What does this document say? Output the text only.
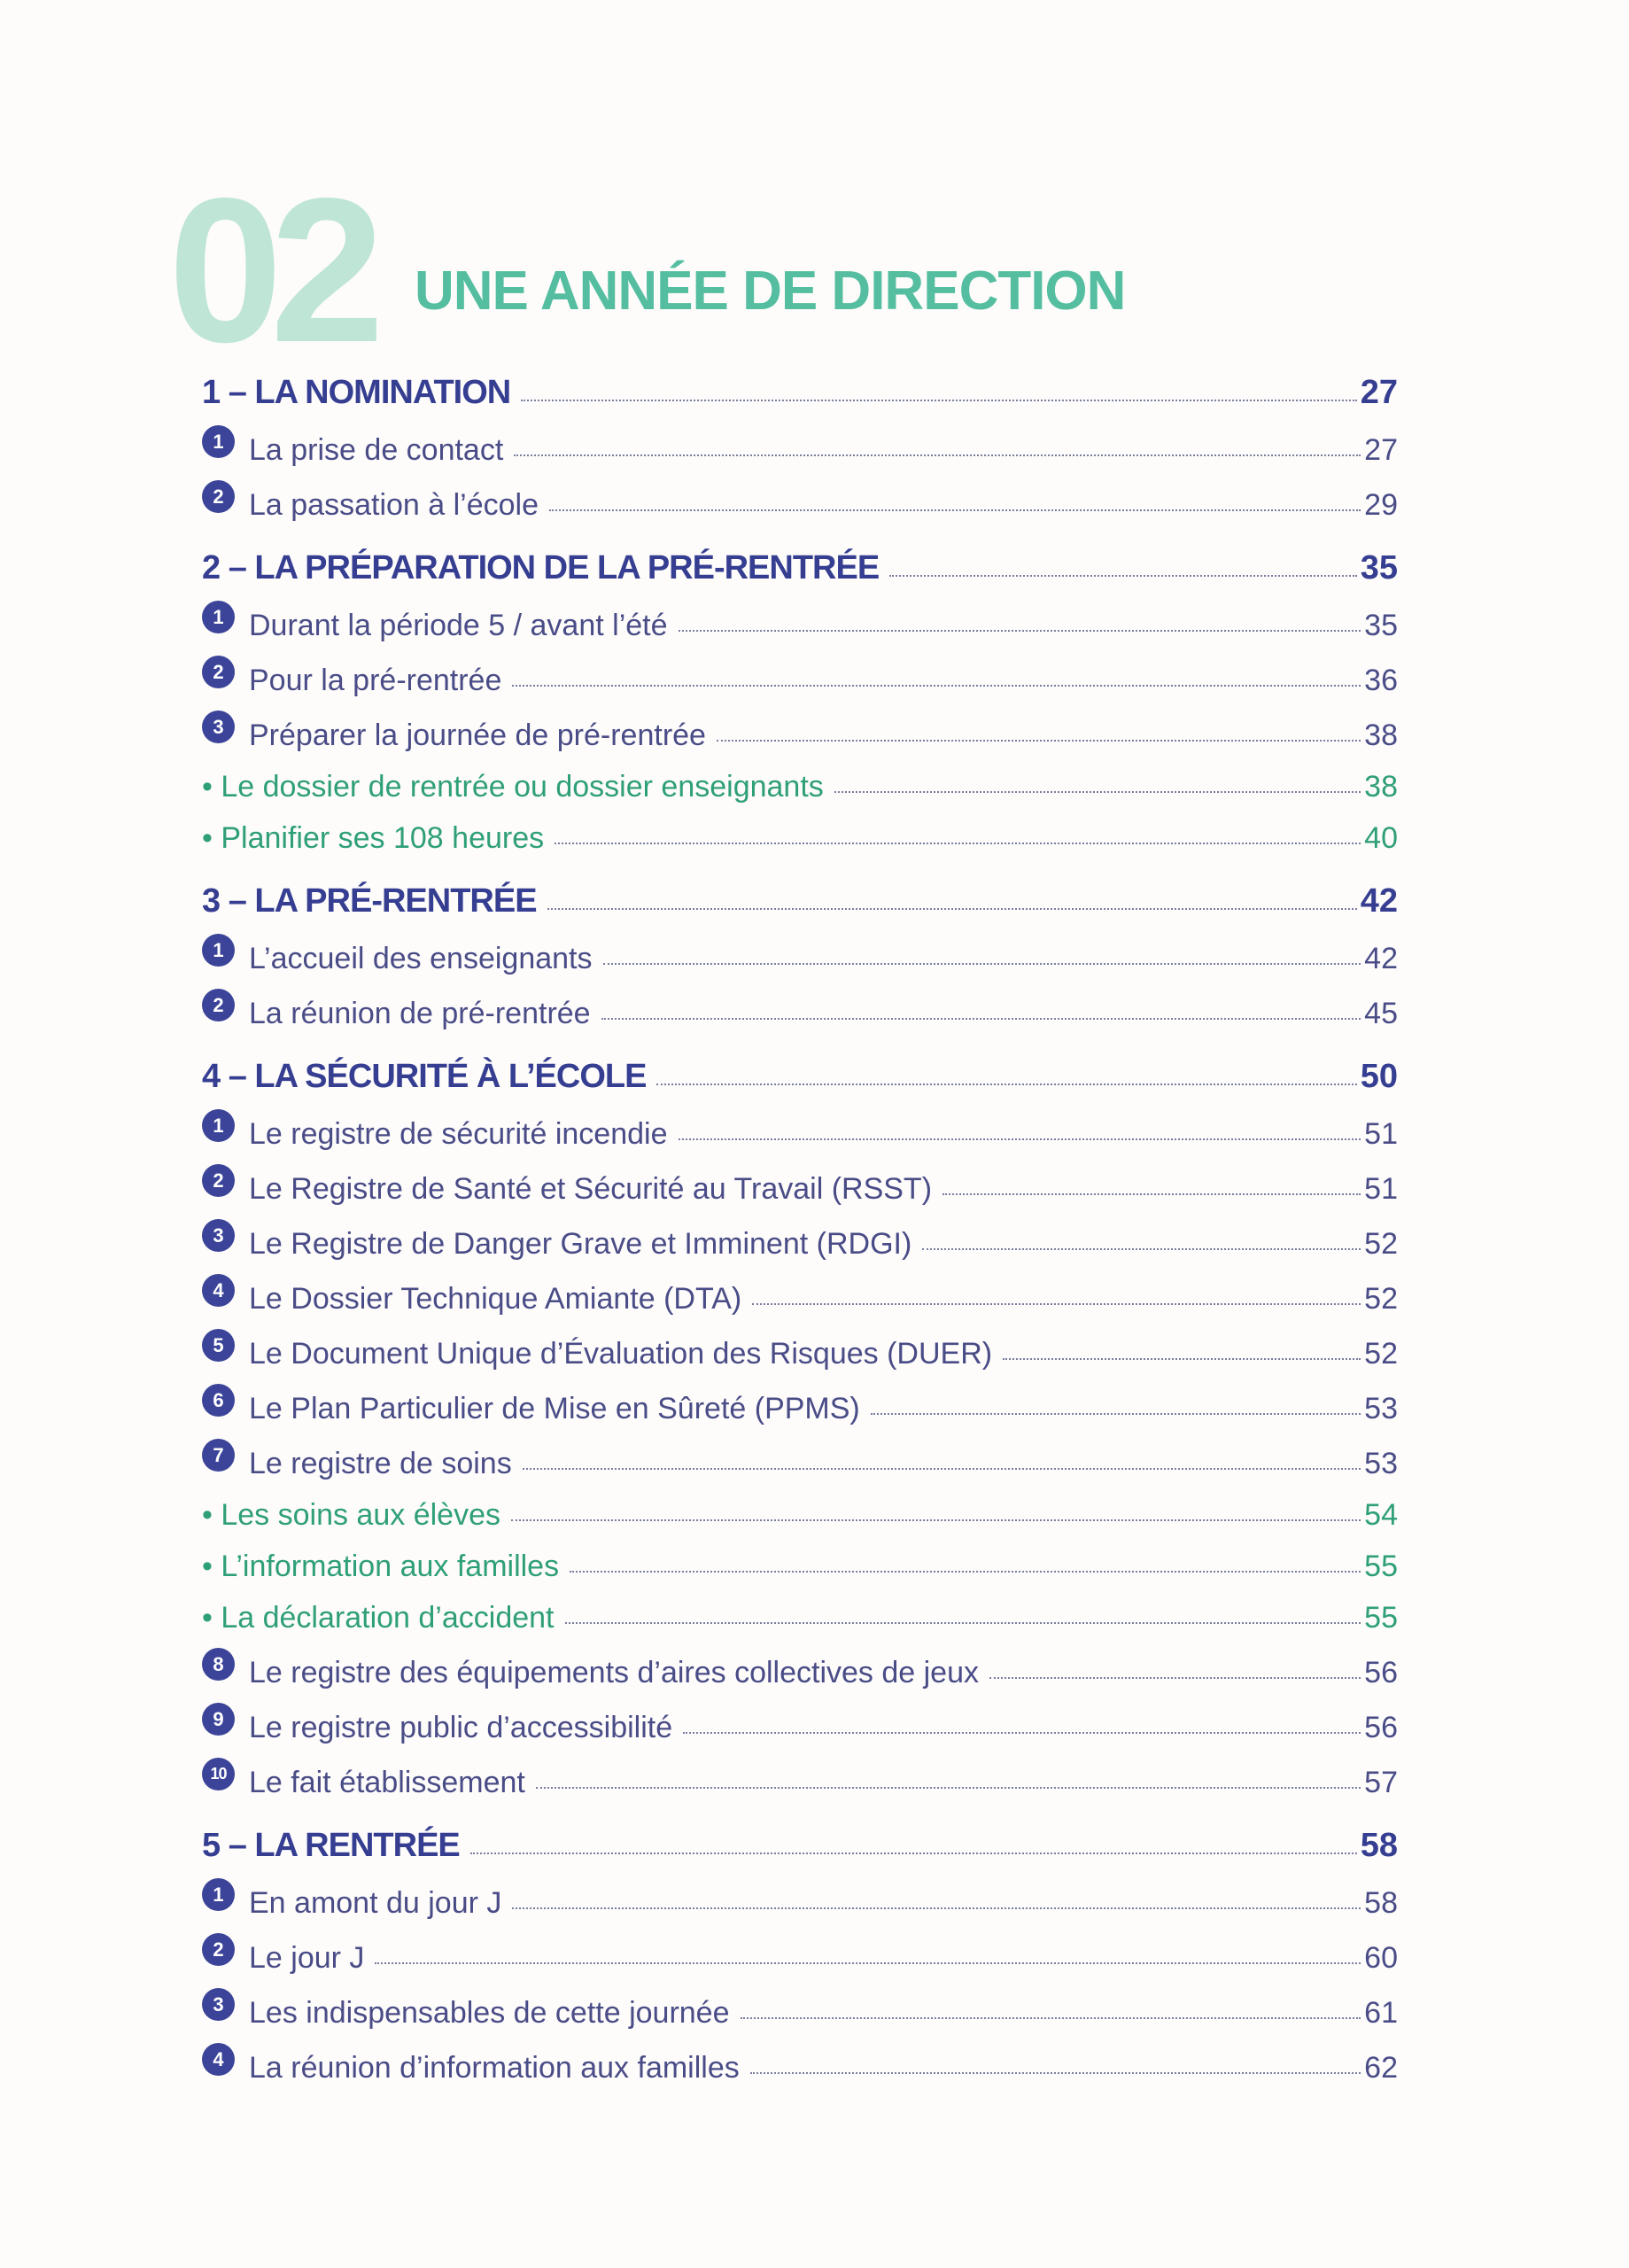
02 UNE ANNÉE DE DIRECTION
1 – LA NOMINATION	27
1 La prise de contact	27
2 La passation à l’école	29
2 – LA PRÉPARATION DE LA PRÉ-RENTRÉE	35
1 Durant la période 5 / avant l’été	35
2 Pour la pré-rentrée	36
3 Préparer la journée de pré-rentrée	38
• Le dossier de rentrée ou dossier enseignants	38
• Planifier ses 108 heures	40
3 – LA PRÉ-RENTRÉE	42
1 L’accueil des enseignants	42
2 La réunion de pré-rentrée	45
4 – LA SÉCURITÉ À L’ÉCOLE	50
1 Le registre de sécurité incendie	51
2 Le Registre de Santé et Sécurité au Travail (RSST)	51
3 Le Registre de Danger Grave et Imminent (RDGI)	52
4 Le Dossier Technique Amiante (DTA)	52
5 Le Document Unique d’Évaluation des Risques (DUER)	52
6 Le Plan Particulier de Mise en Sûreté (PPMS)	53
7 Le registre de soins	53
• Les soins aux élèves	54
• L’information aux familles	55
• La déclaration d’accident	55
8 Le registre des équipements d’aires collectives de jeux	56
9 Le registre public d’accessibilité	56
10 Le fait établissement	57
5 – LA RENTRÉE	58
1 En amont du jour J	58
2 Le jour J	60
3 Les indispensables de cette journée	61
4 La réunion d’information aux familles	62
